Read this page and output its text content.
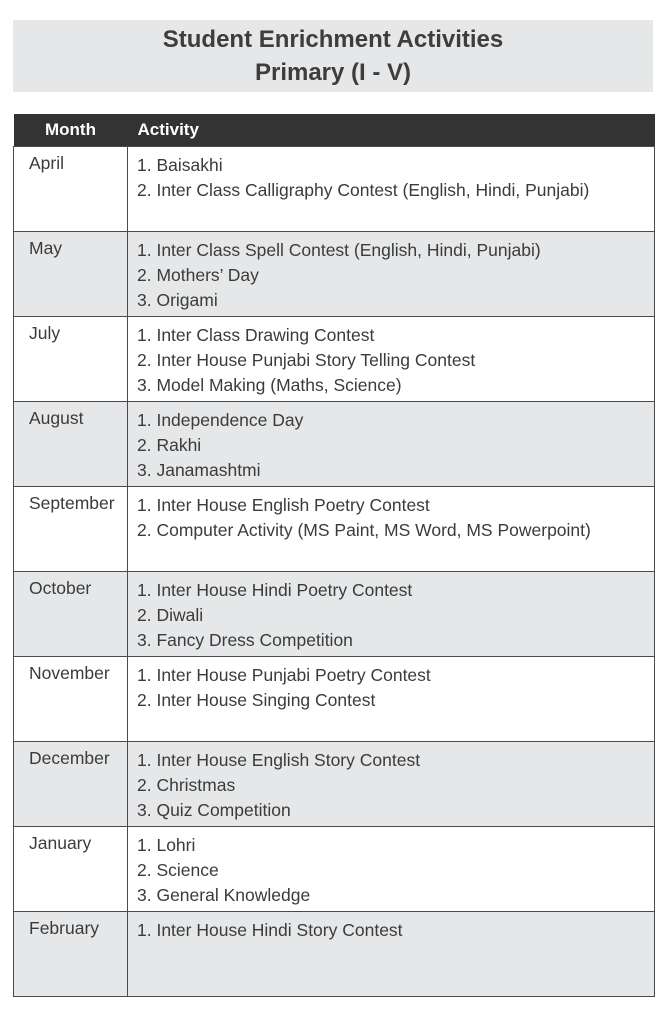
Student Enrichment Activities
Primary (I - V)
Month	Activity
April	1. Baisakhi
2. Inter Class Calligraphy Contest (English, Hindi, Punjabi)

May	1. Inter Class Spell Contest (English, Hindi, Punjabi)
2. Mothers’ Day
3. Origami

July	1. Inter Class Drawing Contest
2. Inter House Punjabi Story Telling Contest
3. Model Making (Maths, Science)

August	1. Independence Day
2. Rakhi
3. Janamashtmi

September	1. Inter House English Poetry Contest
2. Computer Activity (MS Paint, MS Word, MS Powerpoint)

October	1. Inter House Hindi Poetry Contest
2. Diwali
3. Fancy Dress Competition

November	1. Inter House Punjabi Poetry Contest
2. Inter House Singing Contest

December	1. Inter House English Story Contest
2. Christmas
3. Quiz Competition

January	1. Lohri
2. Science
3. General Knowledge

February	1. Inter House Hindi Story Contest
